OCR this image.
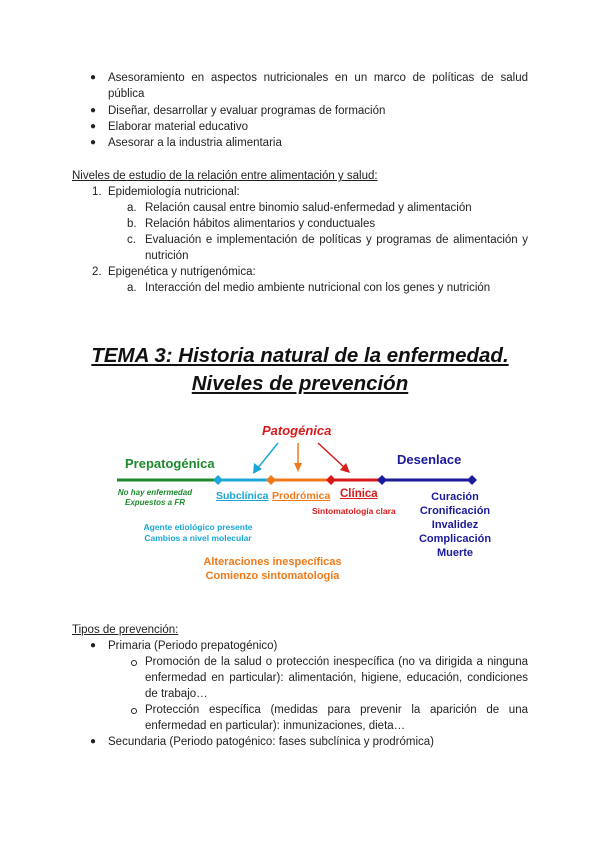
● Asesoramiento en aspectos nutricionales en un marco de políticas de salud pública
● Diseñar, desarrollar y evaluar programas de formación
● Elaborar material educativo
● Asesorar a la industria alimentaria
Niveles de estudio de la relación entre alimentación y salud:
1. Epidemiología nutricional:
a. Relación causal entre binomio salud-enfermedad y alimentación
b. Relación hábitos alimentarios y conductuales
c. Evaluación e implementación de políticas y programas de alimentación y nutrición
2. Epigenética y nutrigenómica:
a. Interacción del medio ambiente nutricional con los genes y nutrición
TEMA 3: Historia natural de la enfermedad.
Niveles de prevención
Patogénica
Prepatogénica	Desenlace
No hay enfermedad
Expuestos a FR
Subclínica Prodrómica Clínica
Sintomatología clara
Agente etiológico presente
Cambios a nivel molecular
Alteraciones inespecíficas
Comienzo sintomatología
Curación
Cronificación
Invalidez
Complicación
Muerte
Tipos de prevención:
● Primaria (Periodo prepatogénico)
Promoción de la salud o protección inespecífica (no va dirigida a ninguna enfermedad en particular): alimentación, higiene, educación, condiciones de trabajo…
Protección específica (medidas para prevenir la aparición de una enfermedad en particular): inmunizaciones, dieta…
● Secundaria (Periodo patogénico: fases subclínica y prodrómica)
